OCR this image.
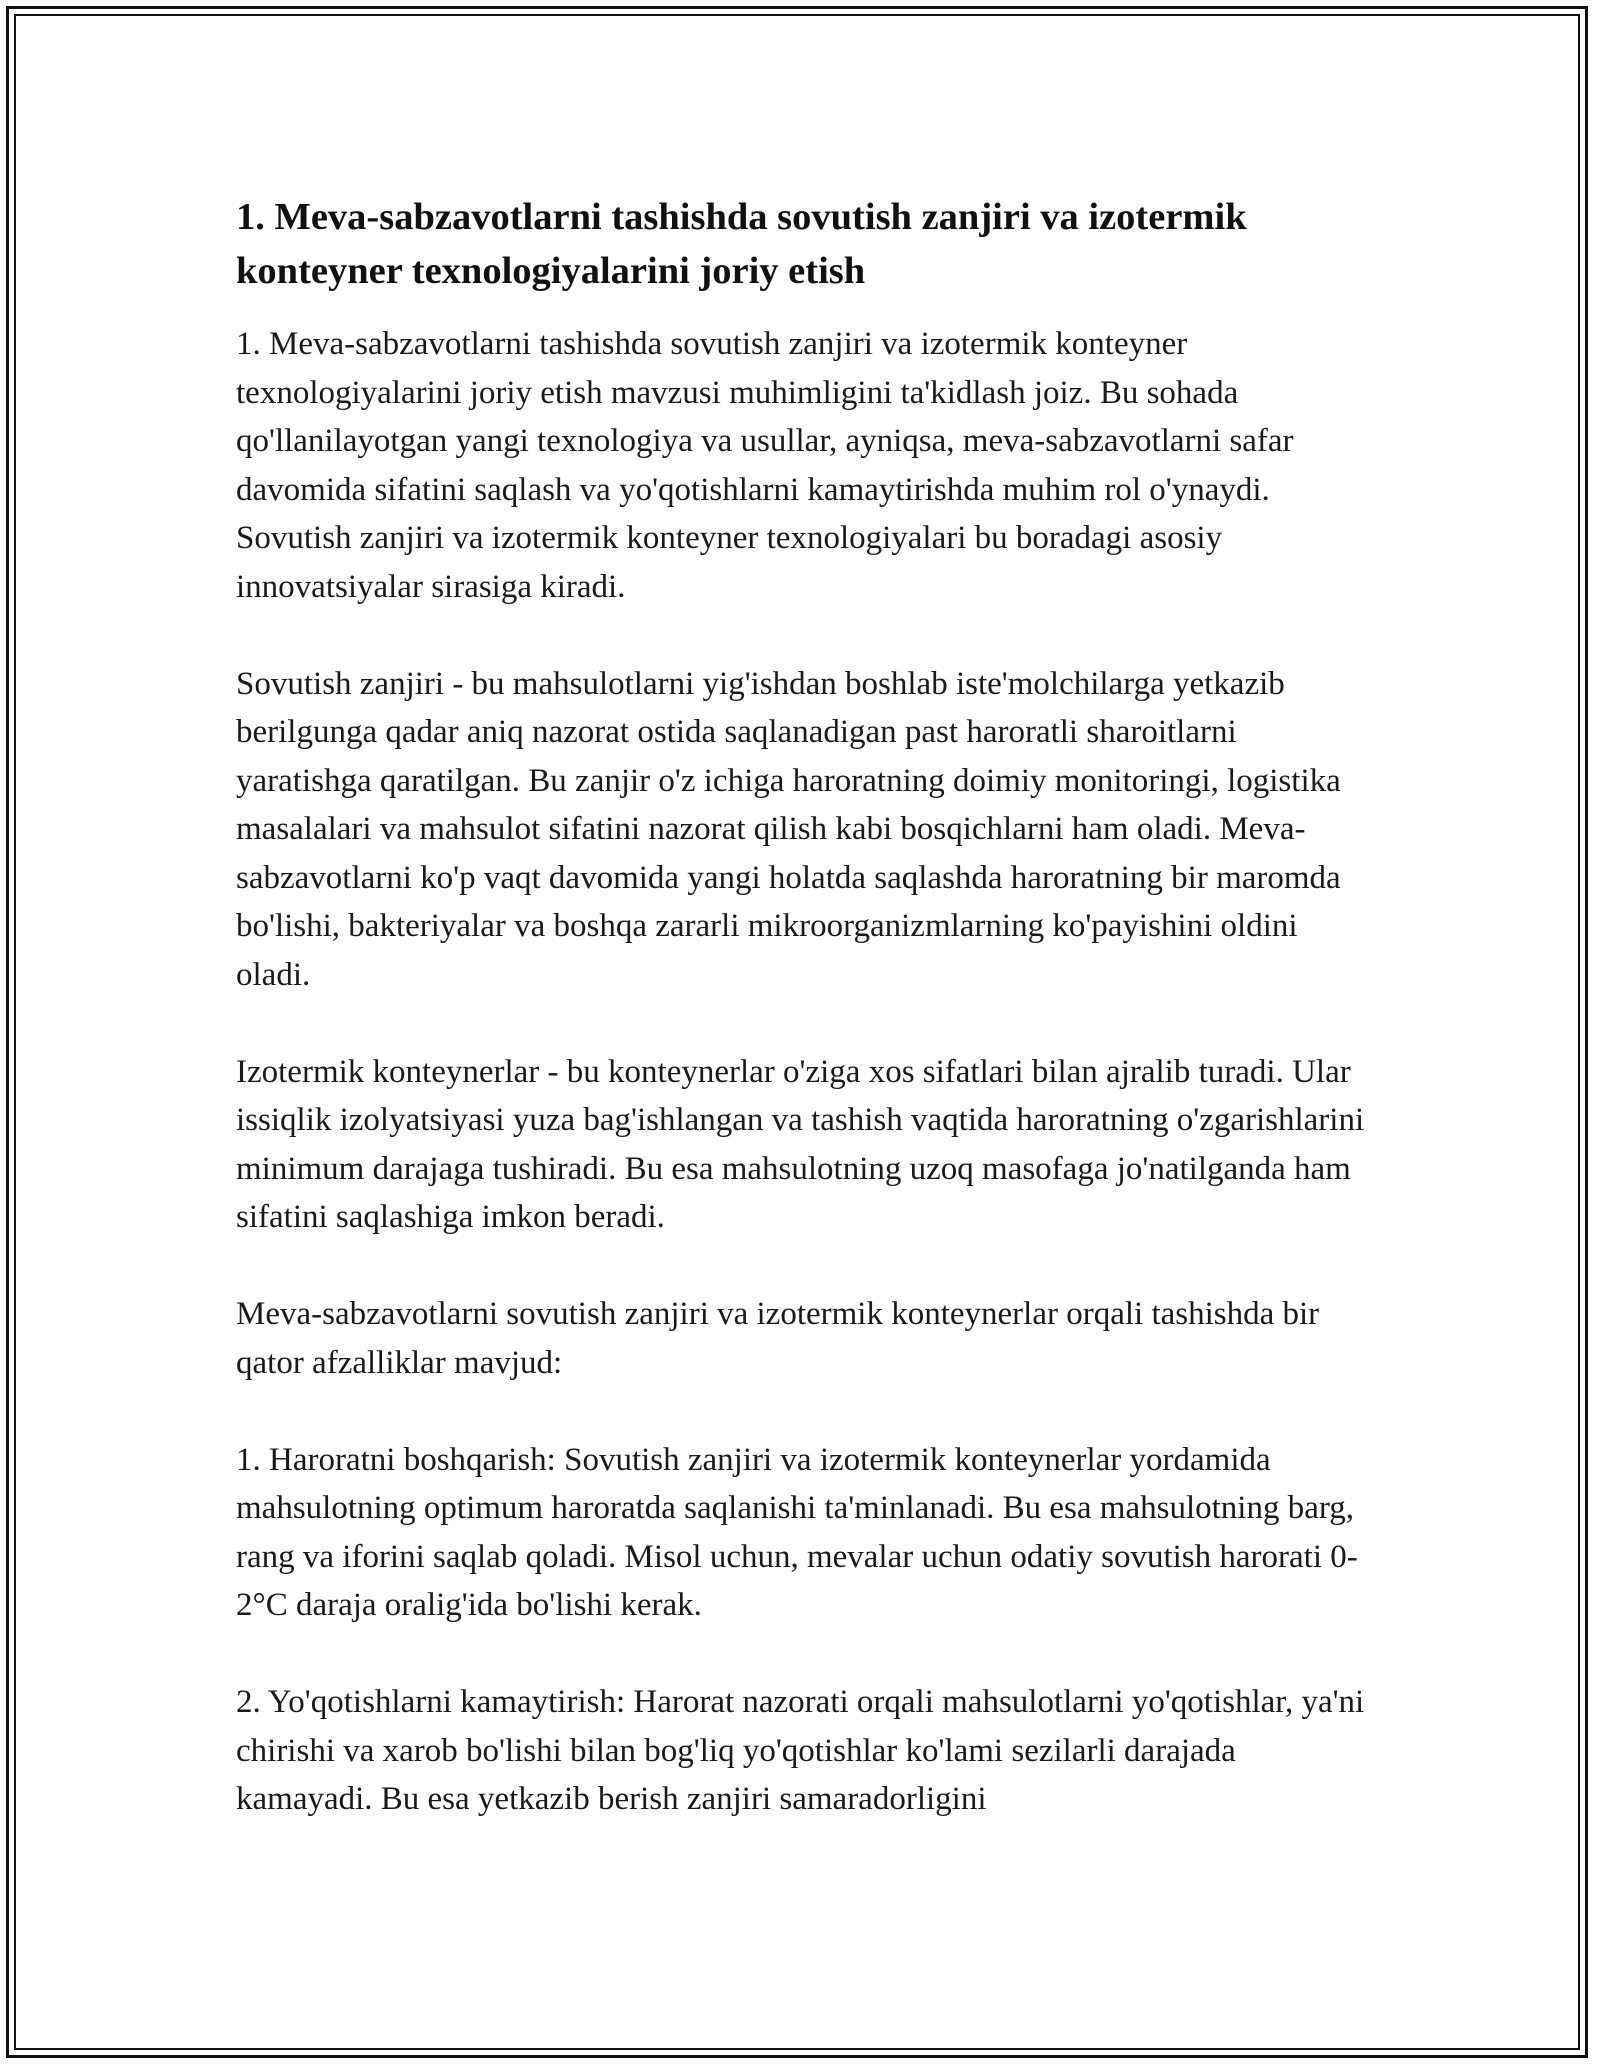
1. Meva-sabzavotlarni tashishda sovutish zanjiri va izotermik konteyner texnologiyalarini joriy etish

1. Meva-sabzavotlarni tashishda sovutish zanjiri va izotermik konteyner texnologiyalarini joriy etish mavzusi muhimligini ta'kidlash joiz. Bu sohada qo'llanilayotgan yangi texnologiya va usullar, ayniqsa, meva-sabzavotlarni safar davomida sifatini saqlash va yo'qotishlarni kamaytirishda muhim rol o'ynaydi. Sovutish zanjiri va izotermik konteyner texnologiyalari bu boradagi asosiy innovatsiyalar sirasiga kiradi.

Sovutish zanjiri - bu mahsulotlarni yig'ishdan boshlab iste'molchilarga yetkazib berilgunga qadar aniq nazorat ostida saqlanadigan past haroratli sharoitlarni yaratishga qaratilgan. Bu zanjir o'z ichiga haroratning doimiy monitoringi, logistika masalalari va mahsulot sifatini nazorat qilish kabi bosqichlarni ham oladi. Meva-sabzavotlarni ko'p vaqt davomida yangi holatda saqlashda haroratning bir maromda bo'lishi, bakteriyalar va boshqa zararli mikroorganizmlarning ko'payishini oldini oladi.

Izotermik konteynerlar - bu konteynerlar o'ziga xos sifatlari bilan ajralib turadi. Ular issiqlik izolyatsiyasi yuza bag'ishlangan va tashish vaqtida haroratning o'zgarishlarini minimum darajaga tushiradi. Bu esa mahsulotning uzoq masofaga jo'natilganda ham sifatini saqlashiga imkon beradi.

Meva-sabzavotlarni sovutish zanjiri va izotermik konteynerlar orqali tashishda bir qator afzalliklar mavjud:

1. Haroratni boshqarish: Sovutish zanjiri va izotermik konteynerlar yordamida mahsulotning optimum haroratda saqlanishi ta'minlanadi. Bu esa mahsulotning barg, rang va iforini saqlab qoladi. Misol uchun, mevalar uchun odatiy sovutish harorati 0-2°C daraja oralig'ida bo'lishi kerak.

2. Yo'qotishlarni kamaytirish: Harorat nazorati orqali mahsulotlarni yo'qotishlar, ya'ni chirishi va xarob bo'lishi bilan bog'liq yo'qotishlar ko'lami sezilarli darajada kamayadi. Bu esa yetkazib berish zanjiri samaradorligini
